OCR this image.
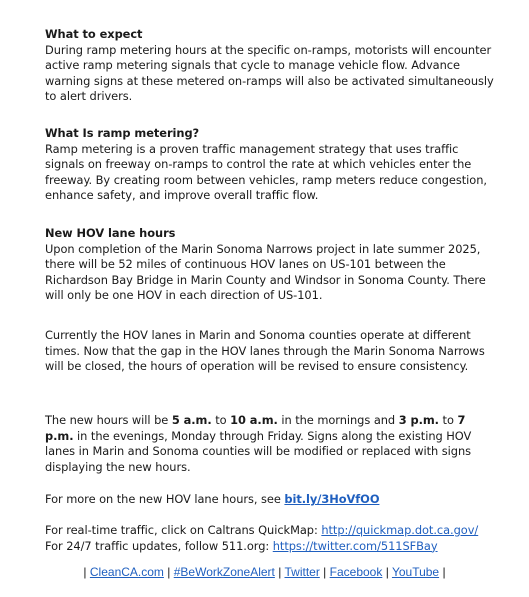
What to expect

During ramp metering hours at the specific on-ramps, motorists will encounter active ramp metering signals that cycle to manage vehicle flow. Advance warning signs at these metered on-ramps will also be activated simultaneously to alert drivers.

What Is ramp metering?

Ramp metering is a proven traffic management strategy that uses traffic signals on freeway on-ramps to control the rate at which vehicles enter the freeway. By creating room between vehicles, ramp meters reduce congestion, enhance safety, and improve overall traffic flow.

New HOV lane hours

Upon completion of the Marin Sonoma Narrows project in late summer 2025, there will be 52 miles of continuous HOV lanes on US-101 between the Richardson Bay Bridge in Marin County and Windsor in Sonoma County. There will only be one HOV in each direction of US-101.

Currently the HOV lanes in Marin and Sonoma counties operate at different times. Now that the gap in the HOV lanes through the Marin Sonoma Narrows will be closed, the hours of operation will be revised to ensure consistency.

The new hours will be 5 a.m. to 10 a.m. in the mornings and 3 p.m. to 7 p.m. in the evenings, Monday through Friday. Signs along the existing HOV lanes in Marin and Sonoma counties will be modified or replaced with signs displaying the new hours.

For more on the new HOV lane hours, see bit.ly/3HoVfOO

For real-time traffic, click on Caltrans QuickMap: http://quickmap.dot.ca.gov/

For 24/7 traffic updates, follow 511.org: https://twitter.com/511SFBay

| CleanCA.com | #BeWorkZoneAlert | Twitter | Facebook | YouTube |
